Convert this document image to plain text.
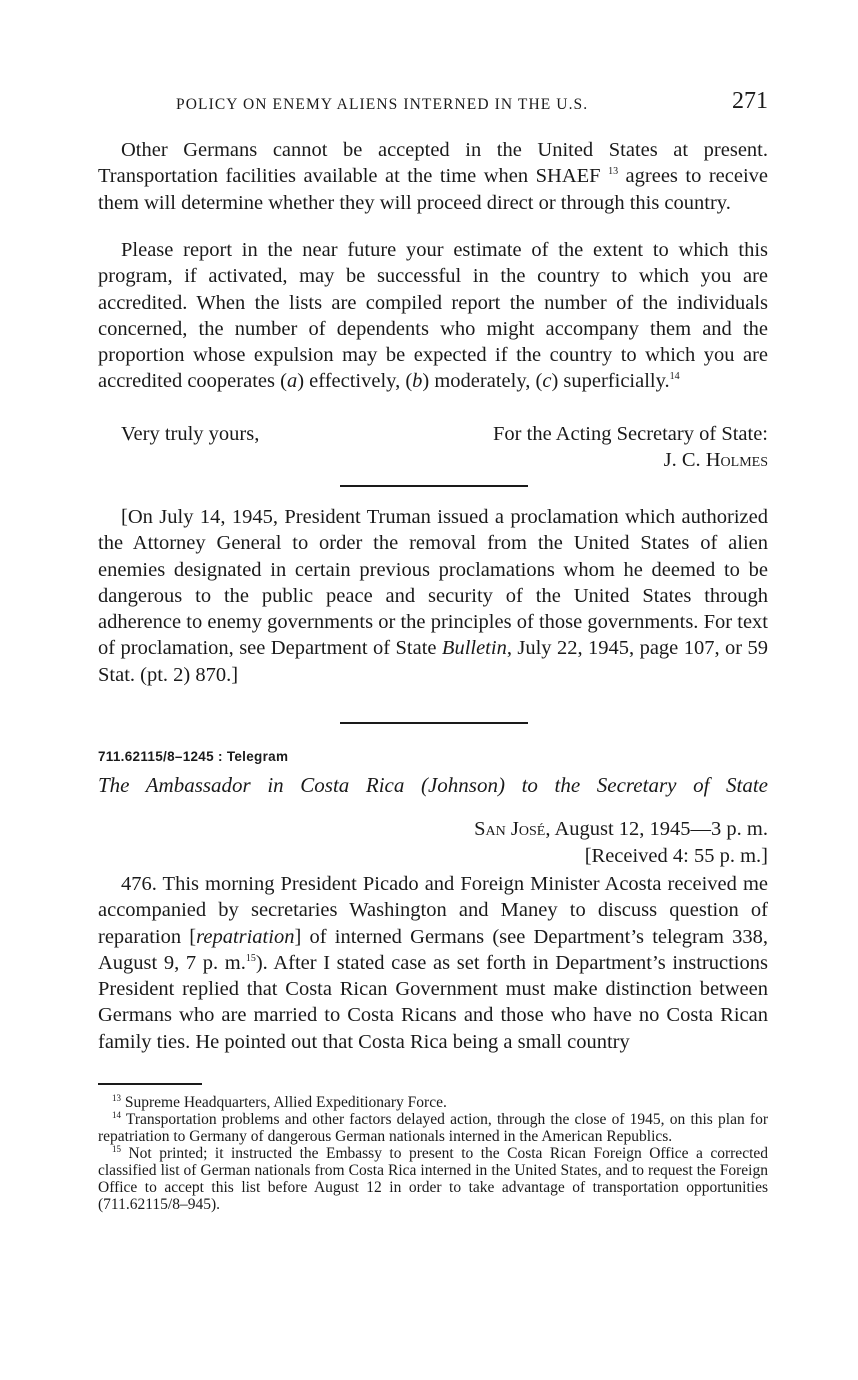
POLICY ON ENEMY ALIENS INTERNED IN THE U.S.	271

Other Germans cannot be accepted in the United States at present. Transportation facilities available at the time when SHAEF $^{13}$ agrees to receive them will determine whether they will proceed direct or through this country.

Please report in the near future your estimate of the extent to which this program, if activated, may be successful in the country to which you are accredited. When the lists are compiled report the number of the individuals concerned, the number of dependents who might accompany them and the proportion whose expulsion may be expected if the country to which you are accredited cooperates (a) effectively, (b) moderately, (c) superficially.$^{14}$

Very truly yours,	For the Acting Secretary of State:
J. C. Holmes

[On July 14, 1945, President Truman issued a proclamation which authorized the Attorney General to order the removal from the United States of alien enemies designated in certain previous proclamations whom he deemed to be dangerous to the public peace and security of the United States through adherence to enemy governments or the principles of those governments. For text of proclamation, see Department of State Bulletin, July 22, 1945, page 107, or 59 Stat. (pt. 2) 870.]

711.62115/8–1245 : Telegram
The Ambassador in Costa Rica (Johnson) to the Secretary of State
San José, August 12, 1945—3 p. m.
[Received 4: 55 p. m.]

476. This morning President Picado and Foreign Minister Acosta received me accompanied by secretaries Washington and Maney to discuss question of reparation [repatriation] of interned Germans (see Department’s telegram 338, August 9, 7 p. m.$^{15}$). After I stated case as set forth in Department’s instructions President replied that Costa Rican Government must make distinction between Germans who are married to Costa Ricans and those who have no Costa Rican family ties. He pointed out that Costa Rica being a small country

$^{13}$ Supreme Headquarters, Allied Expeditionary Force.

$^{14}$ Transportation problems and other factors delayed action, through the close of 1945, on this plan for repatriation to Germany of dangerous German nationals interned in the American Republics.

$^{15}$ Not printed; it instructed the Embassy to present to the Costa Rican Foreign Office a corrected classified list of German nationals from Costa Rica interned in the United States, and to request the Foreign Office to accept this list before August 12 in order to take advantage of transportation opportunities (711.62115/8–945).
